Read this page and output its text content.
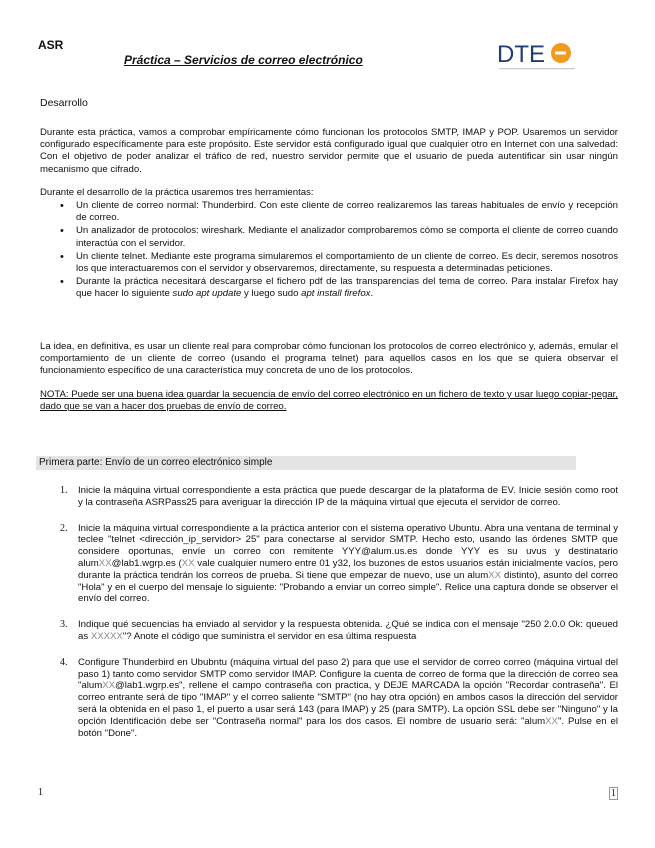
ASR
Práctica – Servicios de correo electrónico	DTE
Desarrollo
Durante esta práctica, vamos a comprobar empíricamente cómo funcionan los protocolos SMTP, IMAP y POP. Usaremos un servidor configurado específicamente para este propósito. Este servidor está configurado igual que cualquier otro en Internet con una salvedad: Con el objetivo de poder analizar el tráfico de red, nuestro servidor permite que el usuario de pueda autentificar sin usar ningún mecanismo que cifrado.
Durante el desarrollo de la práctica usaremos tres herramientas:
• Un cliente de correo normal: Thunderbird. Con este cliente de correo realizaremos las tareas habituales de envío y recepción de correo.
• Un analizador de protocolos: wireshark. Mediante el analizador comprobaremos cómo se comporta el cliente de correo cuando interactúa con el servidor.
• Un cliente telnet. Mediante este programa simularemos el comportamiento de un cliente de correo. Es decir, seremos nosotros los que interactuaremos con el servidor y observaremos, directamente, su respuesta a determinadas peticiones.
• Durante la práctica necesitará descargarse el fichero pdf de las transparencias del tema de correo. Para instalar Firefox hay que hacer lo siguiente sudo apt update y luego sudo apt install firefox.
La idea, en definitiva, es usar un cliente real para comprobar cómo funcionan los protocolos de correo electrónico y, además, emular el comportamiento de un cliente de correo (usando el programa telnet) para aquellos casos en los que se quiera observar el funcionamiento específico de una característica muy concreta de uno de los protocolos.
NOTA: Puede ser una buena idea guardar la secuencia de envío del correo electrónico en un fichero de texto y usar luego copiar-pegar, dado que se van a hacer dos pruebas de envío de correo.
Primera parte: Envío de un correo electrónico simple
1. Inicie la máquina virtual correspondiente a esta práctica que puede descargar de la plataforma de EV. Inicie sesión como root y la contraseña ASRPass25 para averiguar la dirección IP de la máquina virtual que ejecuta el servidor de correo.
2. Inicie la máquina virtual correspondiente a la práctica anterior con el sistema operativo Ubuntu. Abra una ventana de terminal y teclee "telnet <dirección_ip_servidor> 25" para conectarse al servidor SMTP. Hecho esto, usando las órdenes SMTP que considere oportunas, envíe un correo con remitente YYY@alum.us.es donde YYY es su uvus y destinatario alumXX@lab1.wgrp.es (XX vale cualquier numero entre 01 y32, los buzones de estos usuarios están inicialmente vacíos, pero durante la práctica tendrán los correos de prueba. Si tiene que empezar de nuevo, use un alumXX distinto), asunto del correo "Hola" y en el cuerpo del mensaje lo siguiente: "Probando a enviar un correo simple". Relice una captura donde se observer el envío del correo.
3. Indique qué secuencias ha enviado al servidor y la respuesta obtenida. ¿Qué se indica con el mensaje "250 2.0.0 Ok: queued as XXXXX"? Anote el código que suministra el servidor en esa última respuesta
4. Configure Thunderbird en Ububntu (máquina virtual del paso 2) para que use el servidor de correo correo (máquina virtual del paso 1) tanto como servidor SMTP como servidor IMAP. Configure la cuenta de correo de forma que la dirección de correo sea "alumXX@lab1.wgrp.es", rellene el campo contraseña con practica, y DEJE MARCADA la opción "Recordar contraseña". El correo entrante será de tipo "IMAP" y el correo saliente "SMTP" (no hay otra opción) en ambos casos la dirección del servidor será la obtenida en el paso 1, el puerto a usar será 143 (para IMAP) y 25 (para SMTP). La opción SSL debe ser "Ninguno" y la opción Identificación debe ser "Contraseña normal" para los dos casos. El nombre de usuario será: "alumXX". Pulse en el botón "Done".
1	1
